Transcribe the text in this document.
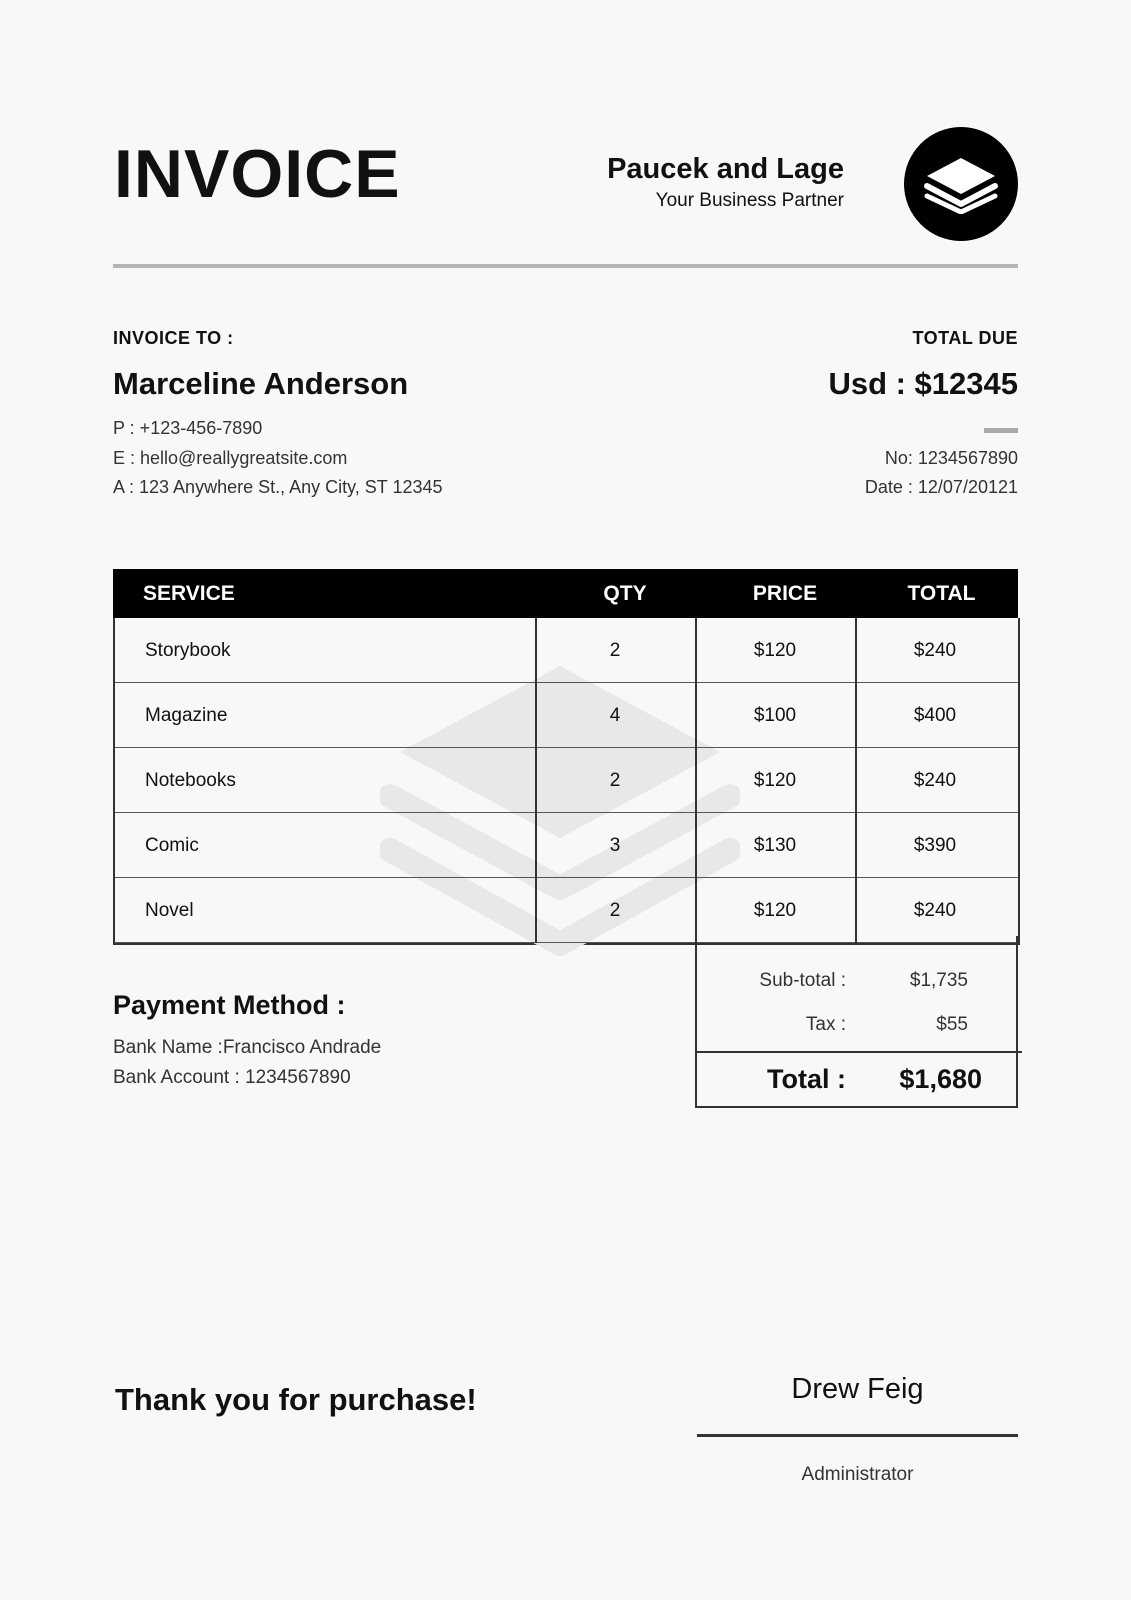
INVOICE	Paucek and Lage
Your Business Partner
INVOICE TO :
Marceline Anderson
P : +123-456-7890
E : hello@reallygreatsite.com
A : 123 Anywhere St., Any City, ST 12345
TOTAL DUE
Usd : $12345
No: 1234567890
Date : 12/07/20121
SERVICE	QTY	PRICE	TOTAL
Storybook	2	$120	$240
Magazine	4	$100	$400
Notebooks	2	$120	$240
Comic	3	$130	$390
Novel	2	$120	$240
Sub-total :	$1,735
Tax :	$55
Total : $1,680
Payment Method :
Bank Name :Francisco Andrade
Bank Account : 1234567890
Thank you for purchase!	Drew Feig
Administrator
